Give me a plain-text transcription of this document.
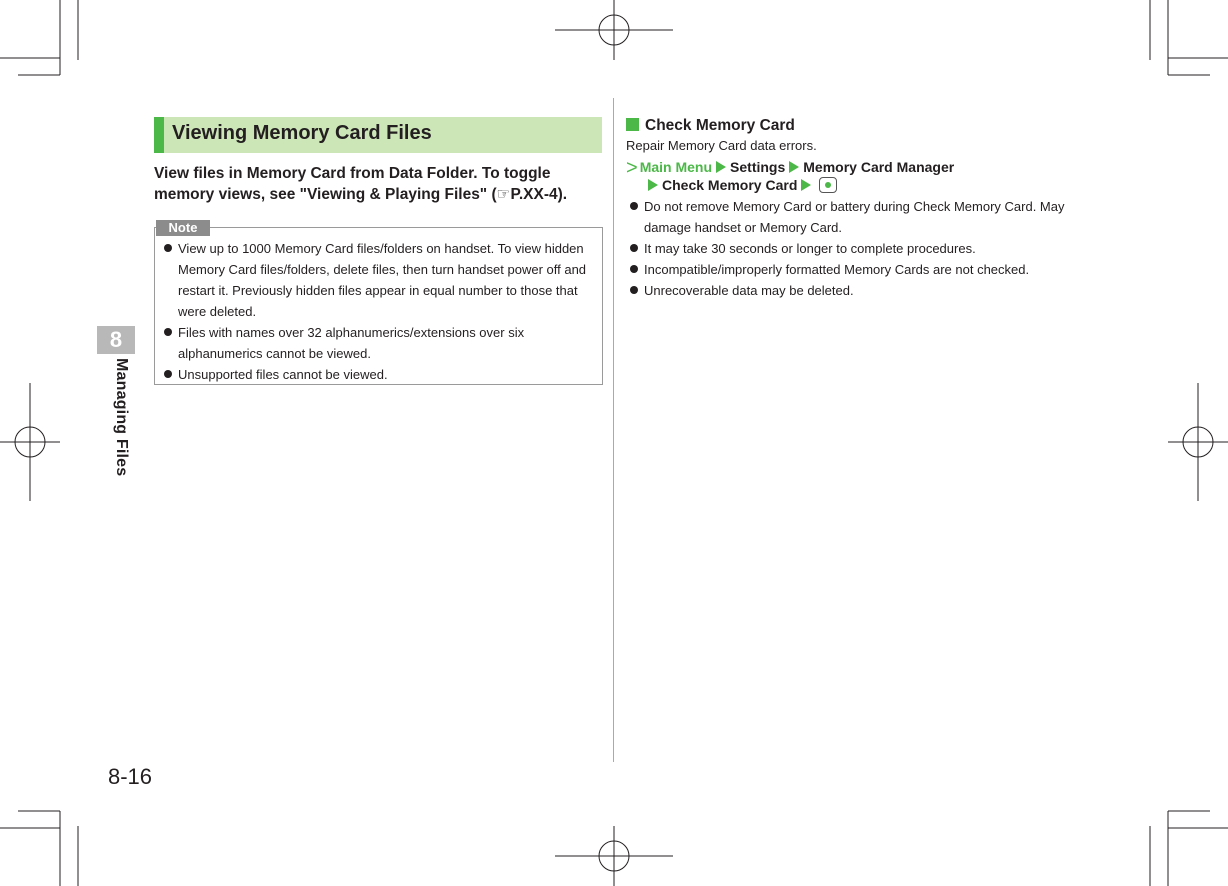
8
Managing Files
8-16
Viewing Memory Card Files
View files in Memory Card from Data Folder. To toggle memory views, see "Viewing & Playing Files" (☞P.XX-4).
Note
View up to 1000 Memory Card files/folders on handset. To view hidden Memory Card files/folders, delete files, then turn handset power off and restart it. Previously hidden files appear in equal number to those that were deleted.
Files with names over 32 alphanumerics/extensions over six alphanumerics cannot be viewed.
Unsupported files cannot be viewed.
Check Memory Card
Repair Memory Card data errors.
> Main Menu Settings Memory Card Manager
Check Memory Card
Do not remove Memory Card or battery during Check Memory Card. May damage handset or Memory Card.
It may take 30 seconds or longer to complete procedures.
Incompatible/improperly formatted Memory Cards are not checked.
Unrecoverable data may be deleted.
